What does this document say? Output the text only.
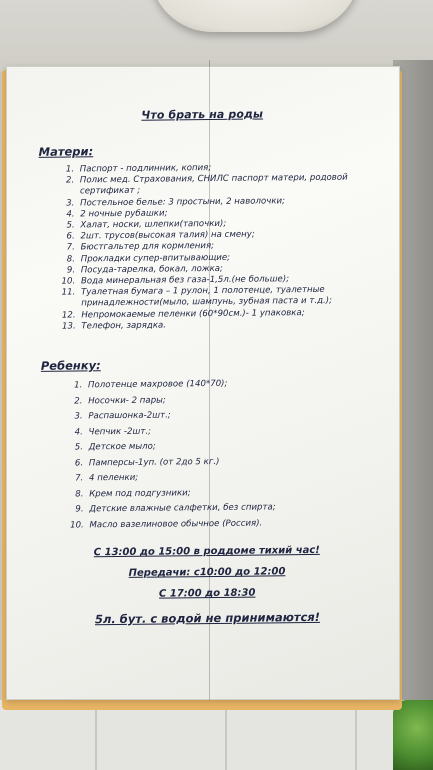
Что брать на роды
Матери:
1. Паспорт - подлинник, копия;
2. Полис мед. Страхования, СНИЛС паспорт матери, родовой сертификат ;
3. Постельное белье: 3 простыни, 2 наволочки;
4. 2 ночные рубашки;
5. Халат, носки, шлепки(тапочки);
6. 2шт. трусов(высокая талия) на смену;
7. Бюстгальтер для кормления;
8. Прокладки супер-впитывающие;
9. Посуда-тарелка, бокал, ложка;
10. Вода минеральная без газа-1,5л.(не больше);
11. Туалетная бумага – 1 рулон, 1 полотенце, туалетные принадлежности(мыло, шампунь, зубная паста и т.д.);
12. Непромокаемые пеленки (60*90см.)- 1 упаковка;
13. Телефон, зарядка.
Ребенку:
1. Полотенце махровое (140*70);
2. Носочки- 2 пары;
3. Распашонка-2шт.;
4. Чепчик -2шт.;
5. Детское мыло;
6. Памперсы-1уп. (от 2до 5 кг.)
7. 4 пеленки;
8. Крем под подгузники;
9. Детские влажные салфетки, без спирта;
10. Масло вазелиновое обычное (Россия).

С 13:00 до 15:00 в роддоме тихий час!

Передачи: с10:00 до 12:00

С 17:00 до 18:30

5л. бут. с водой не принимаются!
